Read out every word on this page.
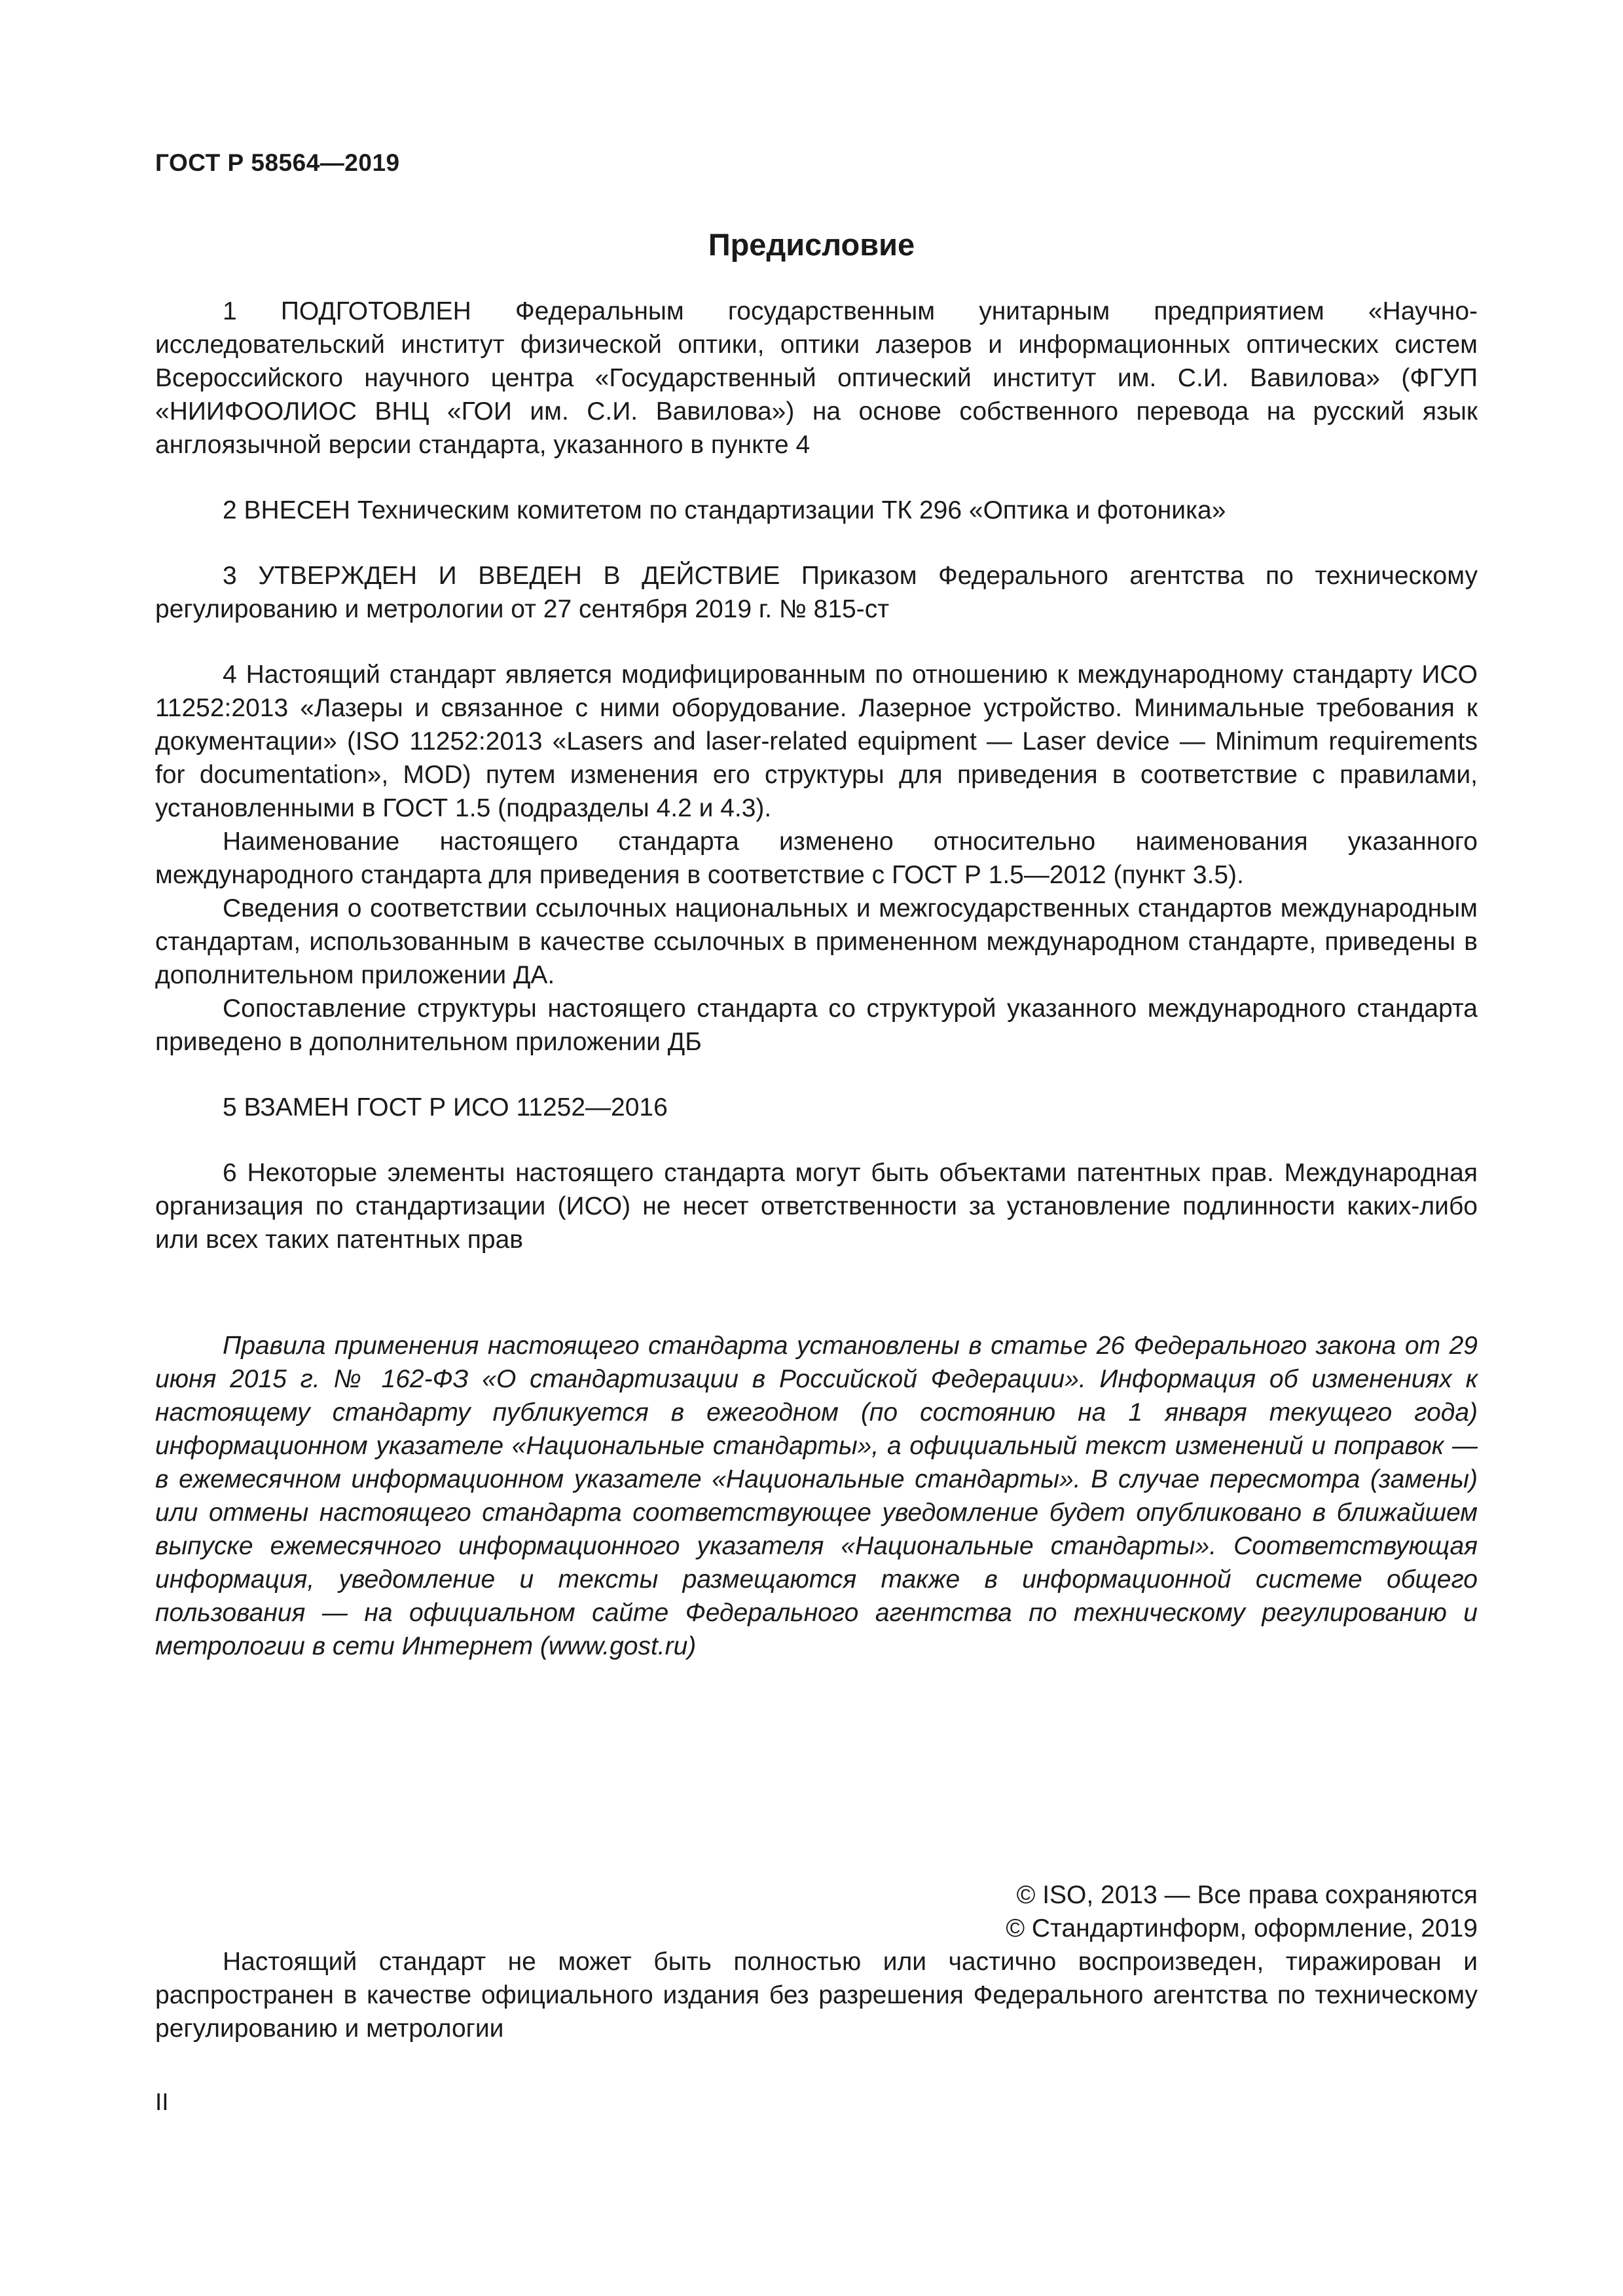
ГОСТ Р 58564—2019
Предисловие

1 ПОДГОТОВЛЕН Федеральным государственным унитарным предприятием «Научно-исследовательский институт физической оптики, оптики лазеров и информационных оптических систем Всероссийского научного центра «Государственный оптический институт им. С.И. Вавилова» (ФГУП «НИИФООЛИОС ВНЦ «ГОИ им. С.И. Вавилова») на основе собственного перевода на русский язык англоязычной версии стандарта, указанного в пункте 4

2 ВНЕСЕН Техническим комитетом по стандартизации ТК 296 «Оптика и фотоника»

3 УТВЕРЖДЕН И ВВЕДЕН В ДЕЙСТВИЕ Приказом Федерального агентства по техническому регулированию и метрологии от 27 сентября 2019 г. № 815-ст

4 Настоящий стандарт является модифицированным по отношению к международному стандарту ИСО 11252:2013 «Лазеры и связанное с ними оборудование. Лазерное устройство. Минимальные требования к документации» (ISO 11252:2013 «Lasers and laser-related equipment — Laser device — Minimum requirements for documentation», MOD) путем изменения его структуры для приведения в соответствие с правилами, установленными в ГОСТ 1.5 (подразделы 4.2 и 4.3).

Наименование настоящего стандарта изменено относительно наименования указанного международного стандарта для приведения в соответствие с ГОСТ Р 1.5—2012 (пункт 3.5).

Сведения о соответствии ссылочных национальных и межгосударственных стандартов международным стандартам, использованным в качестве ссылочных в примененном международном стандарте, приведены в дополнительном приложении ДА.

Сопоставление структуры настоящего стандарта со структурой указанного международного стандарта приведено в дополнительном приложении ДБ

5 ВЗАМЕН ГОСТ Р ИСО 11252—2016

6 Некоторые элементы настоящего стандарта могут быть объектами патентных прав. Международная организация по стандартизации (ИСО) не несет ответственности за установление подлинности каких-либо или всех таких патентных прав

Правила применения настоящего стандарта установлены в статье 26 Федерального закона от 29 июня 2015 г. № 162-ФЗ «О стандартизации в Российской Федерации». Информация об изменениях к настоящему стандарту публикуется в ежегодном (по состоянию на 1 января текущего года) информационном указателе «Национальные стандарты», а официальный текст изменений и поправок — в ежемесячном информационном указателе «Национальные стандарты». В случае пересмотра (замены) или отмены настоящего стандарта соответствующее уведомление будет опубликовано в ближайшем выпуске ежемесячного информационного указателя «Национальные стандарты». Соответствующая информация, уведомление и тексты размещаются также в информационной системе общего пользования — на официальном сайте Федерального агентства по техническому регулированию и метрологии в сети Интернет (www.gost.ru)

© ISO, 2013 — Все права сохраняются
© Стандартинформ, оформление, 2019

Настоящий стандарт не может быть полностью или частично воспроизведен, тиражирован и распространен в качестве официального издания без разрешения Федерального агентства по техническому регулированию и метрологии

II
